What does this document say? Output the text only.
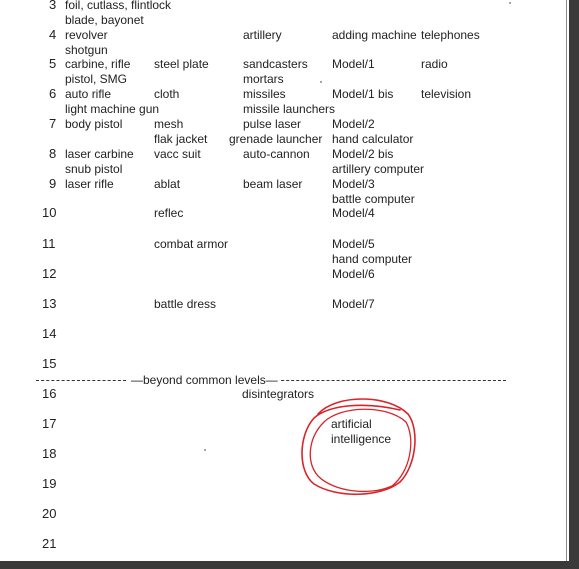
3
4
5
6
7
8
9
10
11
12
13
14
15
16
17
18
19
20
21
foil, cutlass, flintlock
blade, bayonet
revolver
shotgun
carbine, rifle
pistol, SMG
auto rifle
light machine gun
body pistol
laser carbine
snub pistol
laser rifle
steel plate
cloth
mesh
flak jacket
vacc suit
ablat
reflec
combat armor
battle dress
artillery
sandcasters
mortars
missiles
missile launchers
pulse laser
grenade launcher
auto-cannon
beam laser
disintegrators
adding machine
Model/1
Model/1 bis
Model/2
hand calculator
Model/2 bis
artillery computer
Model/3
battle computer
Model/4
Model/5
hand computer
Model/6
Model/7
artificial
intelligence
telephones
radio
television
—beyond common levels—
